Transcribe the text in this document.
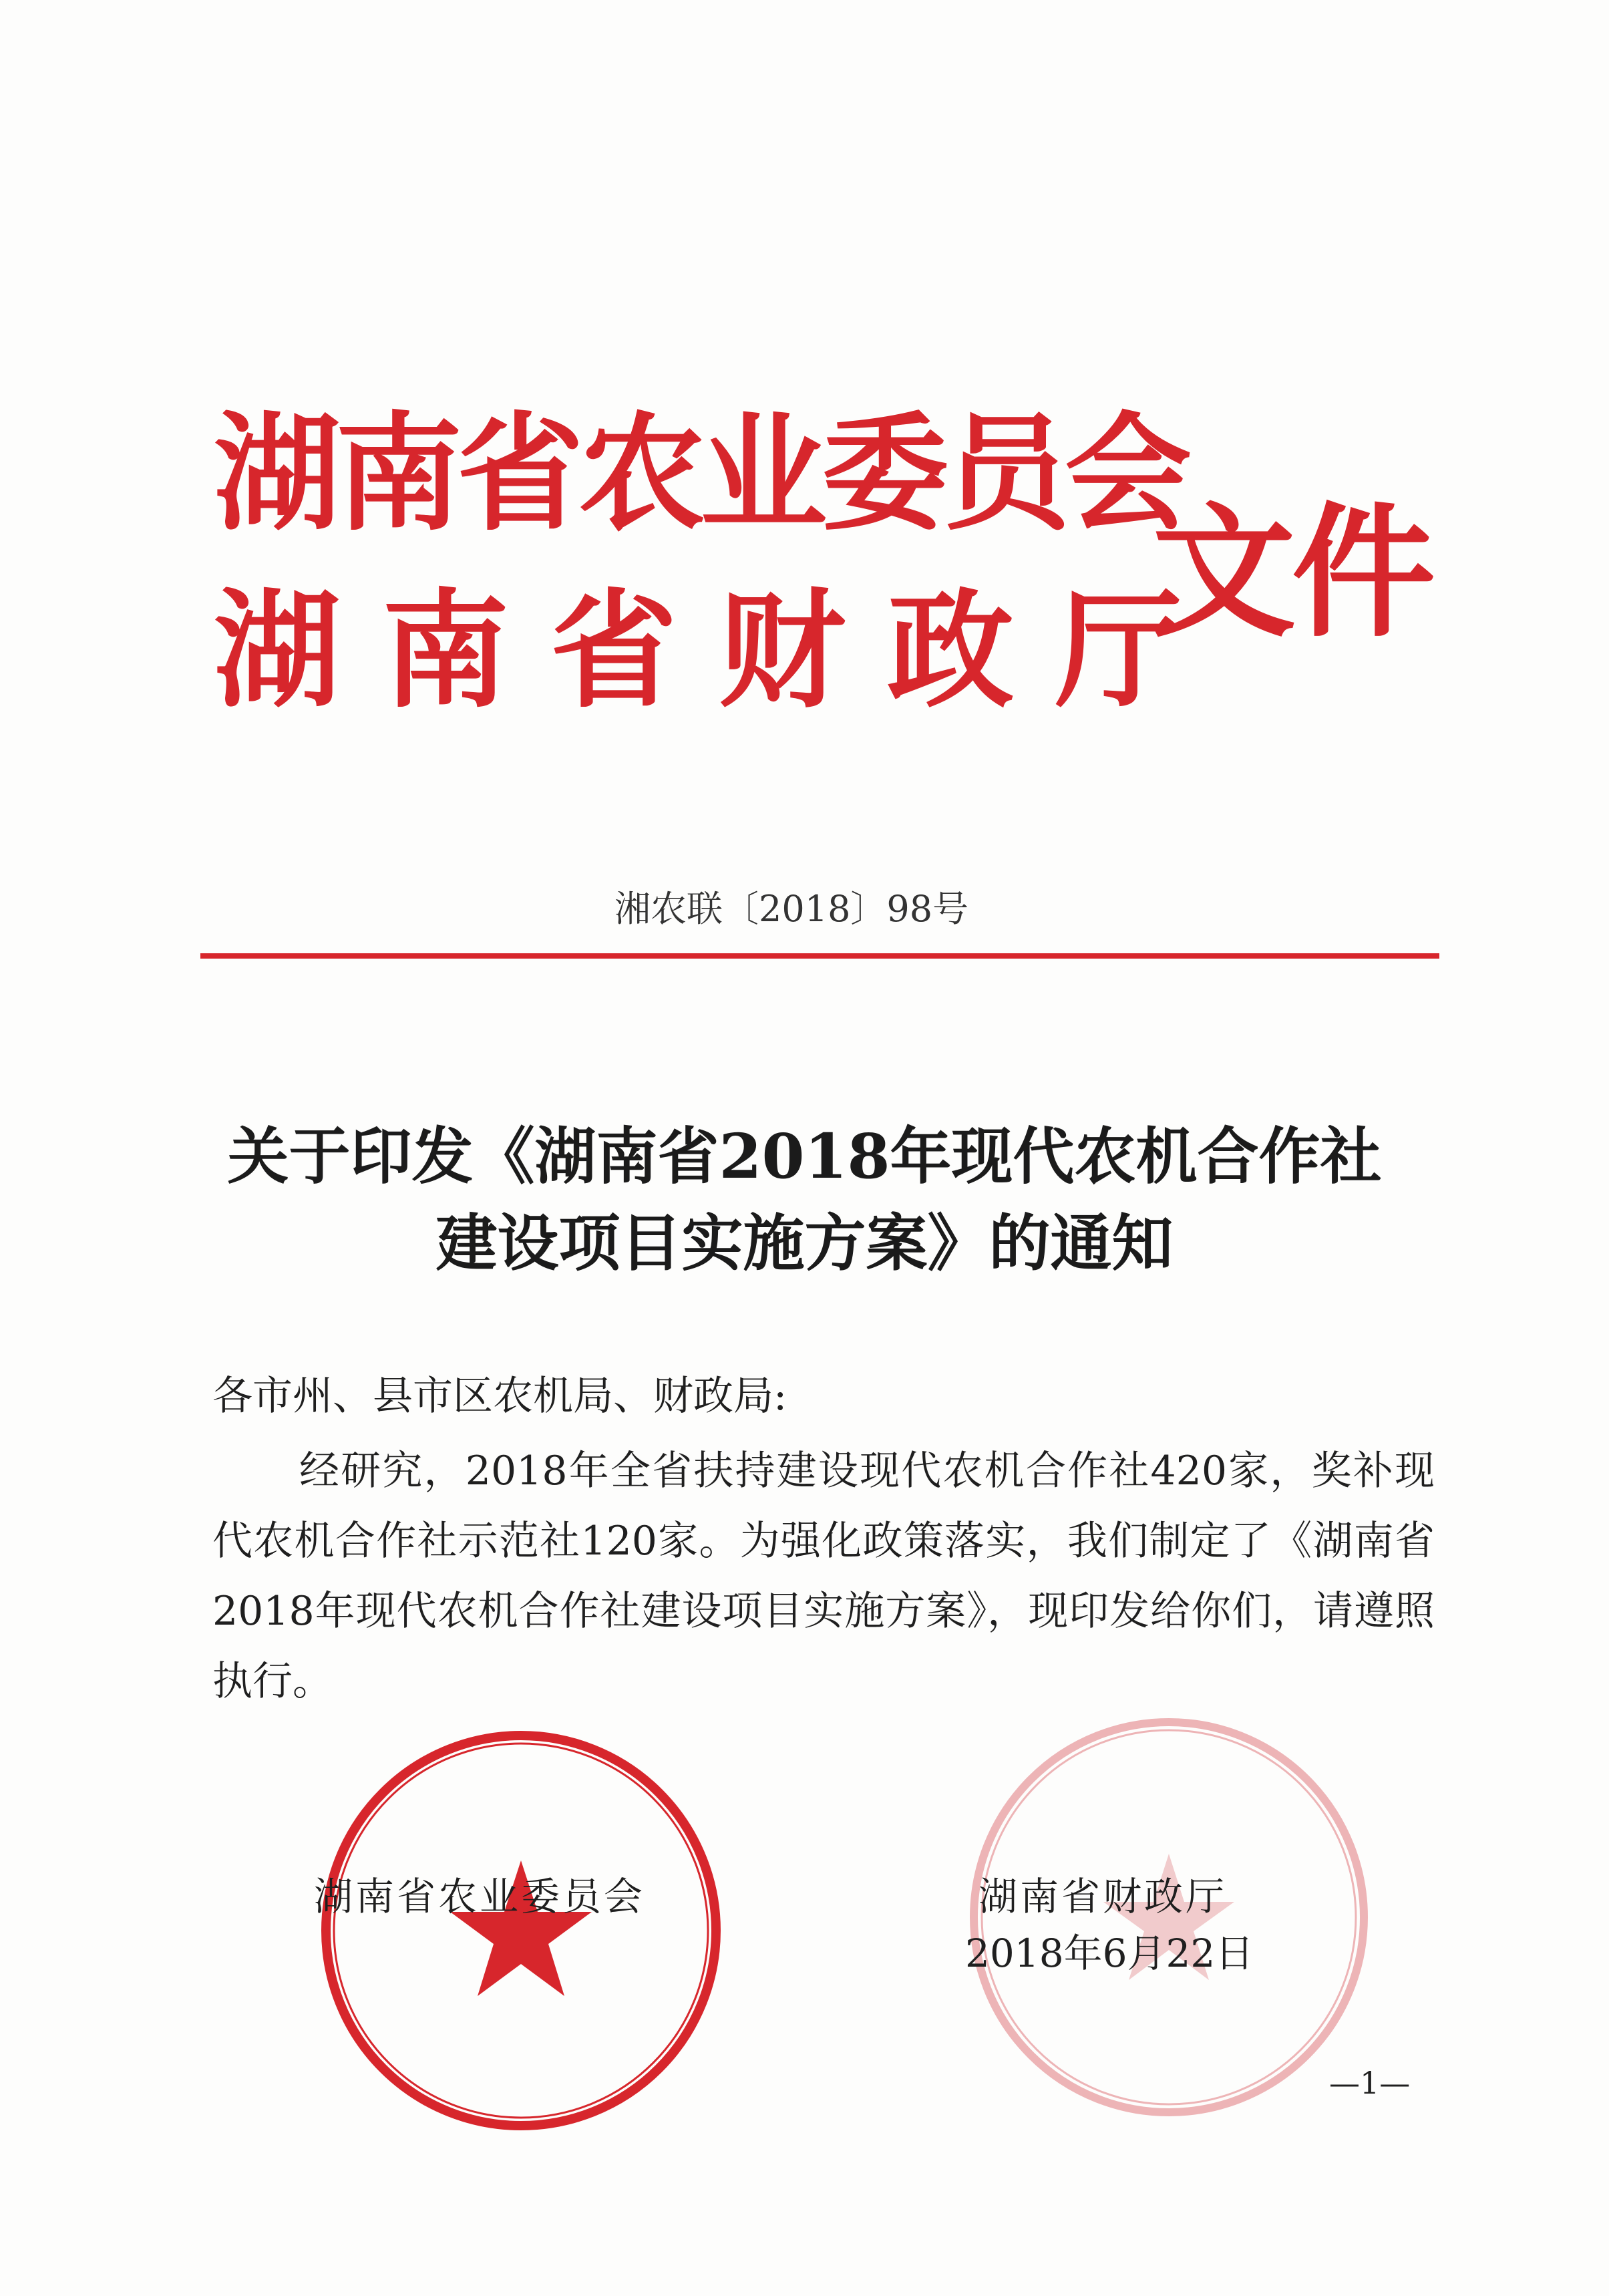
湖南省农业委员会
湖南省财政厅
文件
湘农联〔2018〕98号
关于印发《湖南省2018年现代农机合作社
建设项目实施方案》的通知
各市州、县市区农机局、财政局:
经研究，2018年全省扶持建设现代农机合作社420家，奖补现代农机合作社示范社120家。为强化政策落实，我们制定了《湖南省2018年现代农机合作社建设项目实施方案》，现印发给你们，请遵照执行。
湖南省农业委员会	湖南省财政厅
2018年6月22日
—1—
